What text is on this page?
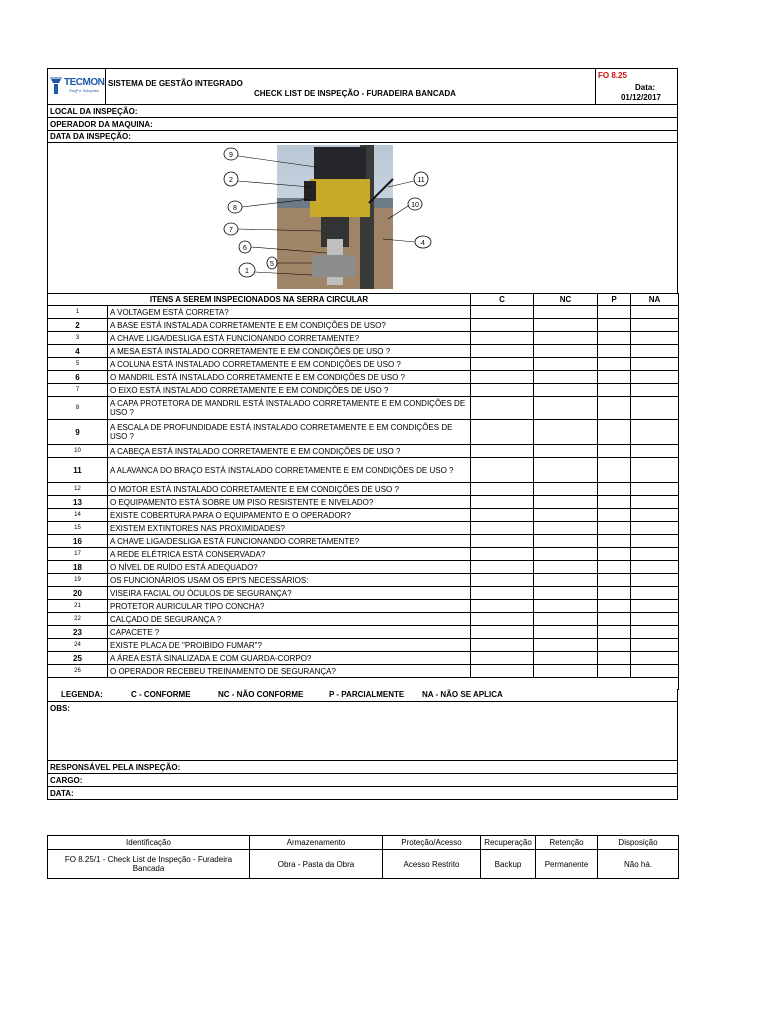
TECMON
Engª e Soluções

SISTEMA DE GESTÃO INTEGRADO
CHECK LIST DE INSPEÇÃO - FURADEIRA BANCADA

FO 8.25
Data:
01/12/2017
LOCAL DA INSPEÇÃO:
OPERADOR DA MAQUINA:
DATA DA INSPEÇÃO:

9
2
8
7
6
5
1
11
10
4
ITENS A SEREM INSPECIONADOS NA SERRA CIRCULAR		C	NC	P	NA
1	A VOLTAGEM ESTÁ CORRETA?				
2	A BASE ESTÁ INSTALADA CORRETAMENTE E EM CONDIÇÕES DE USO?				
3	A CHAVE LIGA/DESLIGA ESTÁ FUNCIONANDO CORRETAMENTE?				
4	A MESA ESTÁ INSTALADO CORRETAMENTE E EM CONDIÇÕES DE USO ?				
5	A COLUNA ESTÁ INSTALADO CORRETAMENTE E EM CONDIÇÕES DE USO ?				
6	O MANDRIL ESTÁ INSTALADO CORRETAMENTE E EM CONDIÇÕES DE USO ?				
7	O EIXO ESTÁ INSTALADO CORRETAMENTE E EM CONDIÇÕES DE USO ?				
8	A CAPA PROTETORA DE MANDRIL ESTÁ INSTALADO CORRETAMENTE E EM CONDIÇÕES DE USO ?				
9	A ESCALA DE PROFUNDIDADE ESTÁ INSTALADO CORRETAMENTE E EM CONDIÇÕES DE USO ?				
10	A CABEÇA ESTÁ INSTALADO CORRETAMENTE E EM CONDIÇÕES DE USO ?				
11	A ALAVANCA DO BRAÇO ESTÁ INSTALADO CORRETAMENTE E EM CONDIÇÕES DE USO ?				
12	O MOTOR ESTÁ INSTALADO CORRETAMENTE E EM CONDIÇÕES DE USO ?				
13	O EQUIPAMENTO ESTÁ SOBRE UM PISO RESISTENTE E NIVELADO?				
14	EXISTE COBERTURA PARA O EQUIPAMENTO E O OPERADOR?				
15	EXISTEM EXTINTORES NAS PROXIMIDADES?				
16	A CHAVE LIGA/DESLIGA ESTÁ FUNCIONANDO CORRETAMENTE?				
17	A REDE ELÉTRICA ESTÁ CONSERVADA?				
18	O NÍVEL DE RUÍDO ESTÁ ADEQUADO?				
19	OS FUNCIONÁRIOS USAM OS EPI'S NECESSÁRIOS:				
20	VISEIRA FACIAL OU ÓCULOS DE SEGURANÇA?				
21	PROTETOR AURICULAR TIPO CONCHA?				
22	CALÇADO DE SEGURANÇA ?				
23	CAPACETE ?				
24	EXISTE PLACA DE "PROIBIDO FUMAR"?				
25	A ÁREA ESTÁ SINALIZADA E COM GUARDA-CORPO?				
26	O OPERADOR RECEBEU TREINAMENTO DE SEGURANÇA?				

LEGENDA:	C - CONFORME	NC - NÃO CONFORME	P - PARCIALMENTE NA - NÃO SE APLICA

OBS:
RESPONSÁVEL PELA INSPEÇÃO:
CARGO:
DATA:
Identificação	Armazenamento	Proteção/Acesso	Recuperação	Retenção	Disposição
FO 8.25/1 - Check List de Inspeção - Furadeira Bancada	Obra - Pasta da Obra	Acesso Restrito	Backup	Permanente	Não há.
